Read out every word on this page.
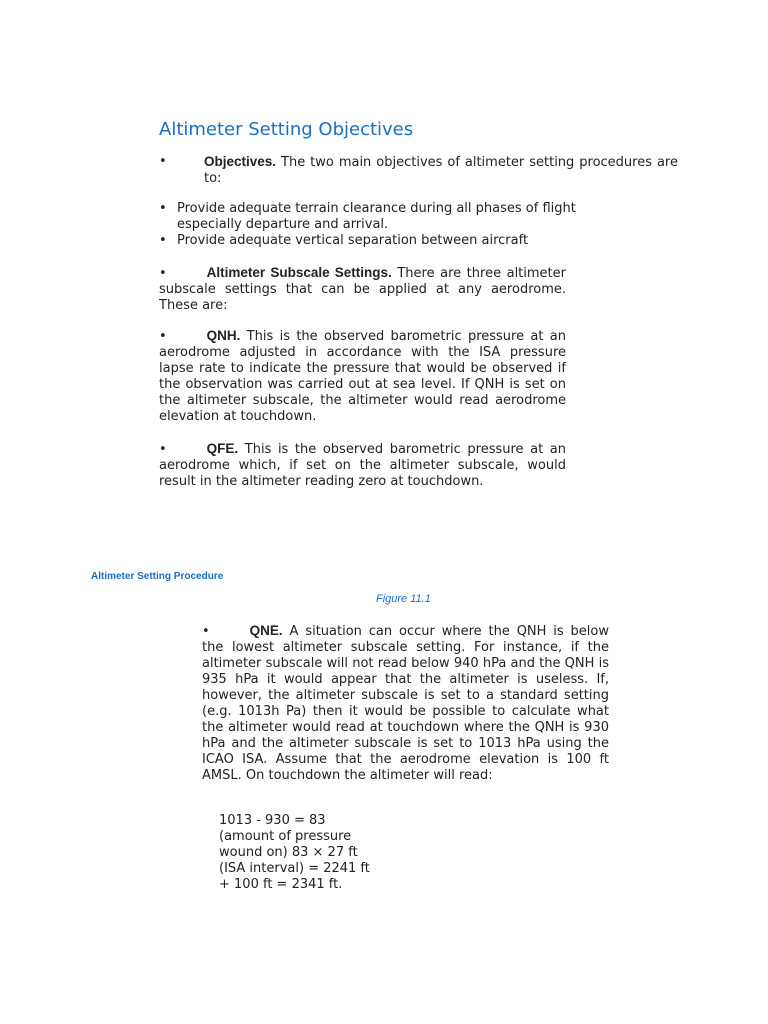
Altimeter Setting Objectives
•	Objectives. The two main objectives of altimeter setting procedures are to:
• Provide adequate terrain clearance during all phases of flight especially departure and arrival.
• Provide adequate vertical separation between aircraft
•	Altimeter Subscale Settings. There are three altimeter subscale settings that can be applied at any aerodrome. These are:
•	QNH. This is the observed barometric pressure at an aerodrome adjusted in accordance with the ISA pressure lapse rate to indicate the pressure that would be observed if the observation was carried out at sea level. If QNH is set on the altimeter subscale, the altimeter would read aerodrome elevation at touchdown.
•	QFE. This is the observed barometric pressure at an aerodrome which, if set on the altimeter subscale, would result in the altimeter reading zero at touchdown.
Altimeter Setting Procedure
Figure 11.1
•	QNE. A situation can occur where the QNH is below the lowest altimeter subscale setting. For instance, if the altimeter subscale will not read below 940 hPa and the QNH is 935 hPa it would appear that the altimeter is useless. If, however, the altimeter subscale is set to a standard setting (e.g. 1013h Pa) then it would be possible to calculate what the altimeter would read at touchdown where the QNH is 930 hPa and the altimeter subscale is set to 1013 hPa using the ICAO ISA. Assume that the aerodrome elevation is 100 ft AMSL. On touchdown the altimeter will read:
1013 - 930 = 83
(amount of pressure
wound on) 83 × 27 ft
(ISA interval) = 2241 ft
+ 100 ft = 2341 ft.
